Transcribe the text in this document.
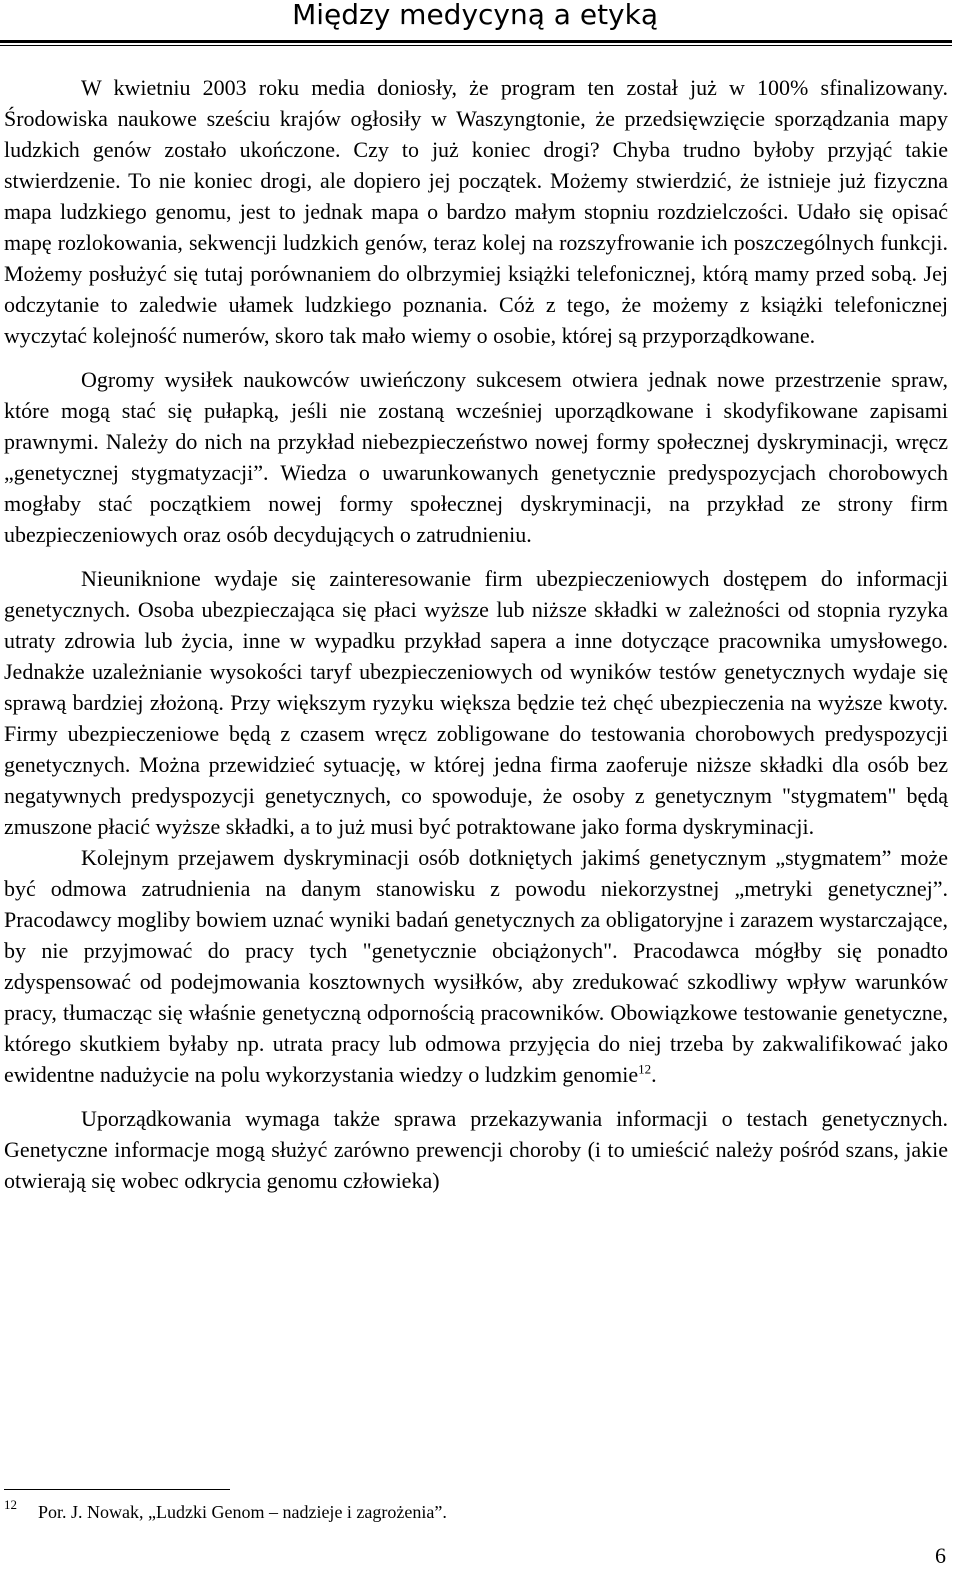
Między medycyną a etyką

W kwietniu 2003 roku media doniosły, że program ten został już w 100% sfinalizowany. Środowiska naukowe sześciu krajów ogłosiły w Waszyngtonie, że przedsięwzięcie sporządzania mapy ludzkich genów zostało ukończone. Czy to już koniec drogi? Chyba trudno byłoby przyjąć takie stwierdzenie. To nie koniec drogi, ale dopiero jej początek. Możemy stwierdzić, że istnieje już fizyczna mapa ludzkiego genomu, jest to jednak mapa o bardzo małym stopniu rozdzielczości. Udało się opisać mapę rozlokowania, sekwencji ludzkich genów, teraz kolej na rozszyfrowanie ich poszczególnych funkcji. Możemy posłużyć się tutaj porównaniem do olbrzymiej książki telefonicznej, którą mamy przed sobą. Jej odczytanie to zaledwie ułamek ludzkiego poznania. Cóż z tego, że możemy z książki telefonicznej wyczytać kolejność numerów, skoro tak mało wiemy o osobie, której są przyporządkowane.

Ogromy wysiłek naukowców uwieńczony sukcesem otwiera jednak nowe przestrzenie spraw, które mogą stać się pułapką, jeśli nie zostaną wcześniej uporządkowane i skodyfikowane zapisami prawnymi. Należy do nich na przykład niebezpieczeństwo nowej formy społecznej dyskryminacji, wręcz „genetycznej stygmatyzacji”. Wiedza o uwarunkowanych genetycznie predyspozycjach chorobowych mogłaby stać początkiem nowej formy społecznej dyskryminacji, na przykład ze strony firm ubezpieczeniowych oraz osób decydujących o zatrudnieniu.

Nieuniknione wydaje się zainteresowanie firm ubezpieczeniowych dostępem do informacji genetycznych. Osoba ubezpieczająca się płaci wyższe lub niższe składki w zależności od stopnia ryzyka utraty zdrowia lub życia, inne w wypadku przykład sapera a inne dotyczące pracownika umysłowego. Jednakże uzależnianie wysokości taryf ubezpieczeniowych od wyników testów genetycznych wydaje się sprawą bardziej złożoną. Przy większym ryzyku większa będzie też chęć ubezpieczenia na wyższe kwoty. Firmy ubezpieczeniowe będą z czasem wręcz zobligowane do testowania chorobowych predyspozycji genetycznych. Można przewidzieć sytuację, w której jedna firma zaoferuje niższe składki dla osób bez negatywnych predyspozycji genetycznych, co spowoduje, że osoby z genetycznym "stygmatem" będą zmuszone płacić wyższe składki, a to już musi być potraktowane jako forma dyskryminacji.

Kolejnym przejawem dyskryminacji osób dotkniętych jakimś genetycznym „stygmatem” może być odmowa zatrudnienia na danym stanowisku z powodu niekorzystnej „metryki genetycznej”. Pracodawcy mogliby bowiem uznać wyniki badań genetycznych za obligatoryjne i zarazem wystarczające, by nie przyjmować do pracy tych "genetycznie obciążonych". Pracodawca mógłby się ponadto zdyspensować od podejmowania kosztownych wysiłków, aby zredukować szkodliwy wpływ warunków pracy, tłumacząc się właśnie genetyczną odpornością pracowników. Obowiązkowe testowanie genetyczne, którego skutkiem byłaby np. utrata pracy lub odmowa przyjęcia do niej trzeba by zakwalifikować jako ewidentne nadużycie na polu wykorzystania wiedzy o ludzkim genomie$^{12}$.

Uporządkowania wymaga także sprawa przekazywania informacji o testach genetycznych. Genetyczne informacje mogą służyć zarówno prewencji choroby (i to umieścić należy pośród szans, jakie otwierają się wobec odkrycia genomu człowieka)

12 Por. J. Nowak, „Ludzki Genom – nadzieje i zagrożenia”.
6
